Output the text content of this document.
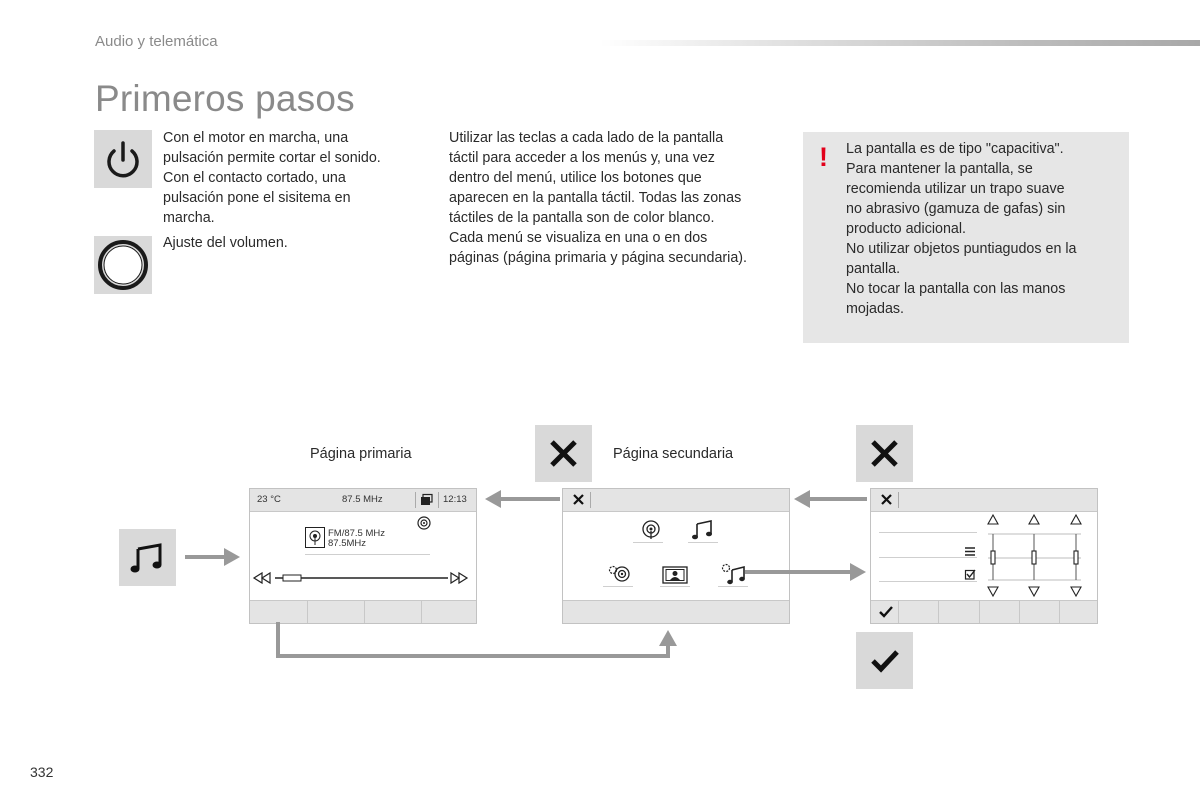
Audio y telemática
Primeros pasos
Con el motor en marcha, una
pulsación permite cortar el sonido.
Con el contacto cortado, una
pulsación pone el sisitema en
marcha.
Ajuste del volumen.
Utilizar las teclas a cada lado de la pantalla
táctil para acceder a los menús y, una vez
dentro del menú, utilice los botones que
aparecen en la pantalla táctil. Todas las zonas
táctiles de la pantalla son de color blanco.
Cada menú se visualiza en una o en dos
páginas (página primaria y página secundaria).
! La pantalla es de tipo "capacitiva".
Para mantener la pantalla, se
recomienda utilizar un trapo suave
no abrasivo (gamuza de gafas) sin
producto adicional.
No utilizar objetos puntiagudos en la
pantalla.
No tocar la pantalla con las manos
mojadas.
Página primaria	Página secundaria
23 °C	87.5 MHz	12:13
FM/87.5 MHz
87.5MHz
332
